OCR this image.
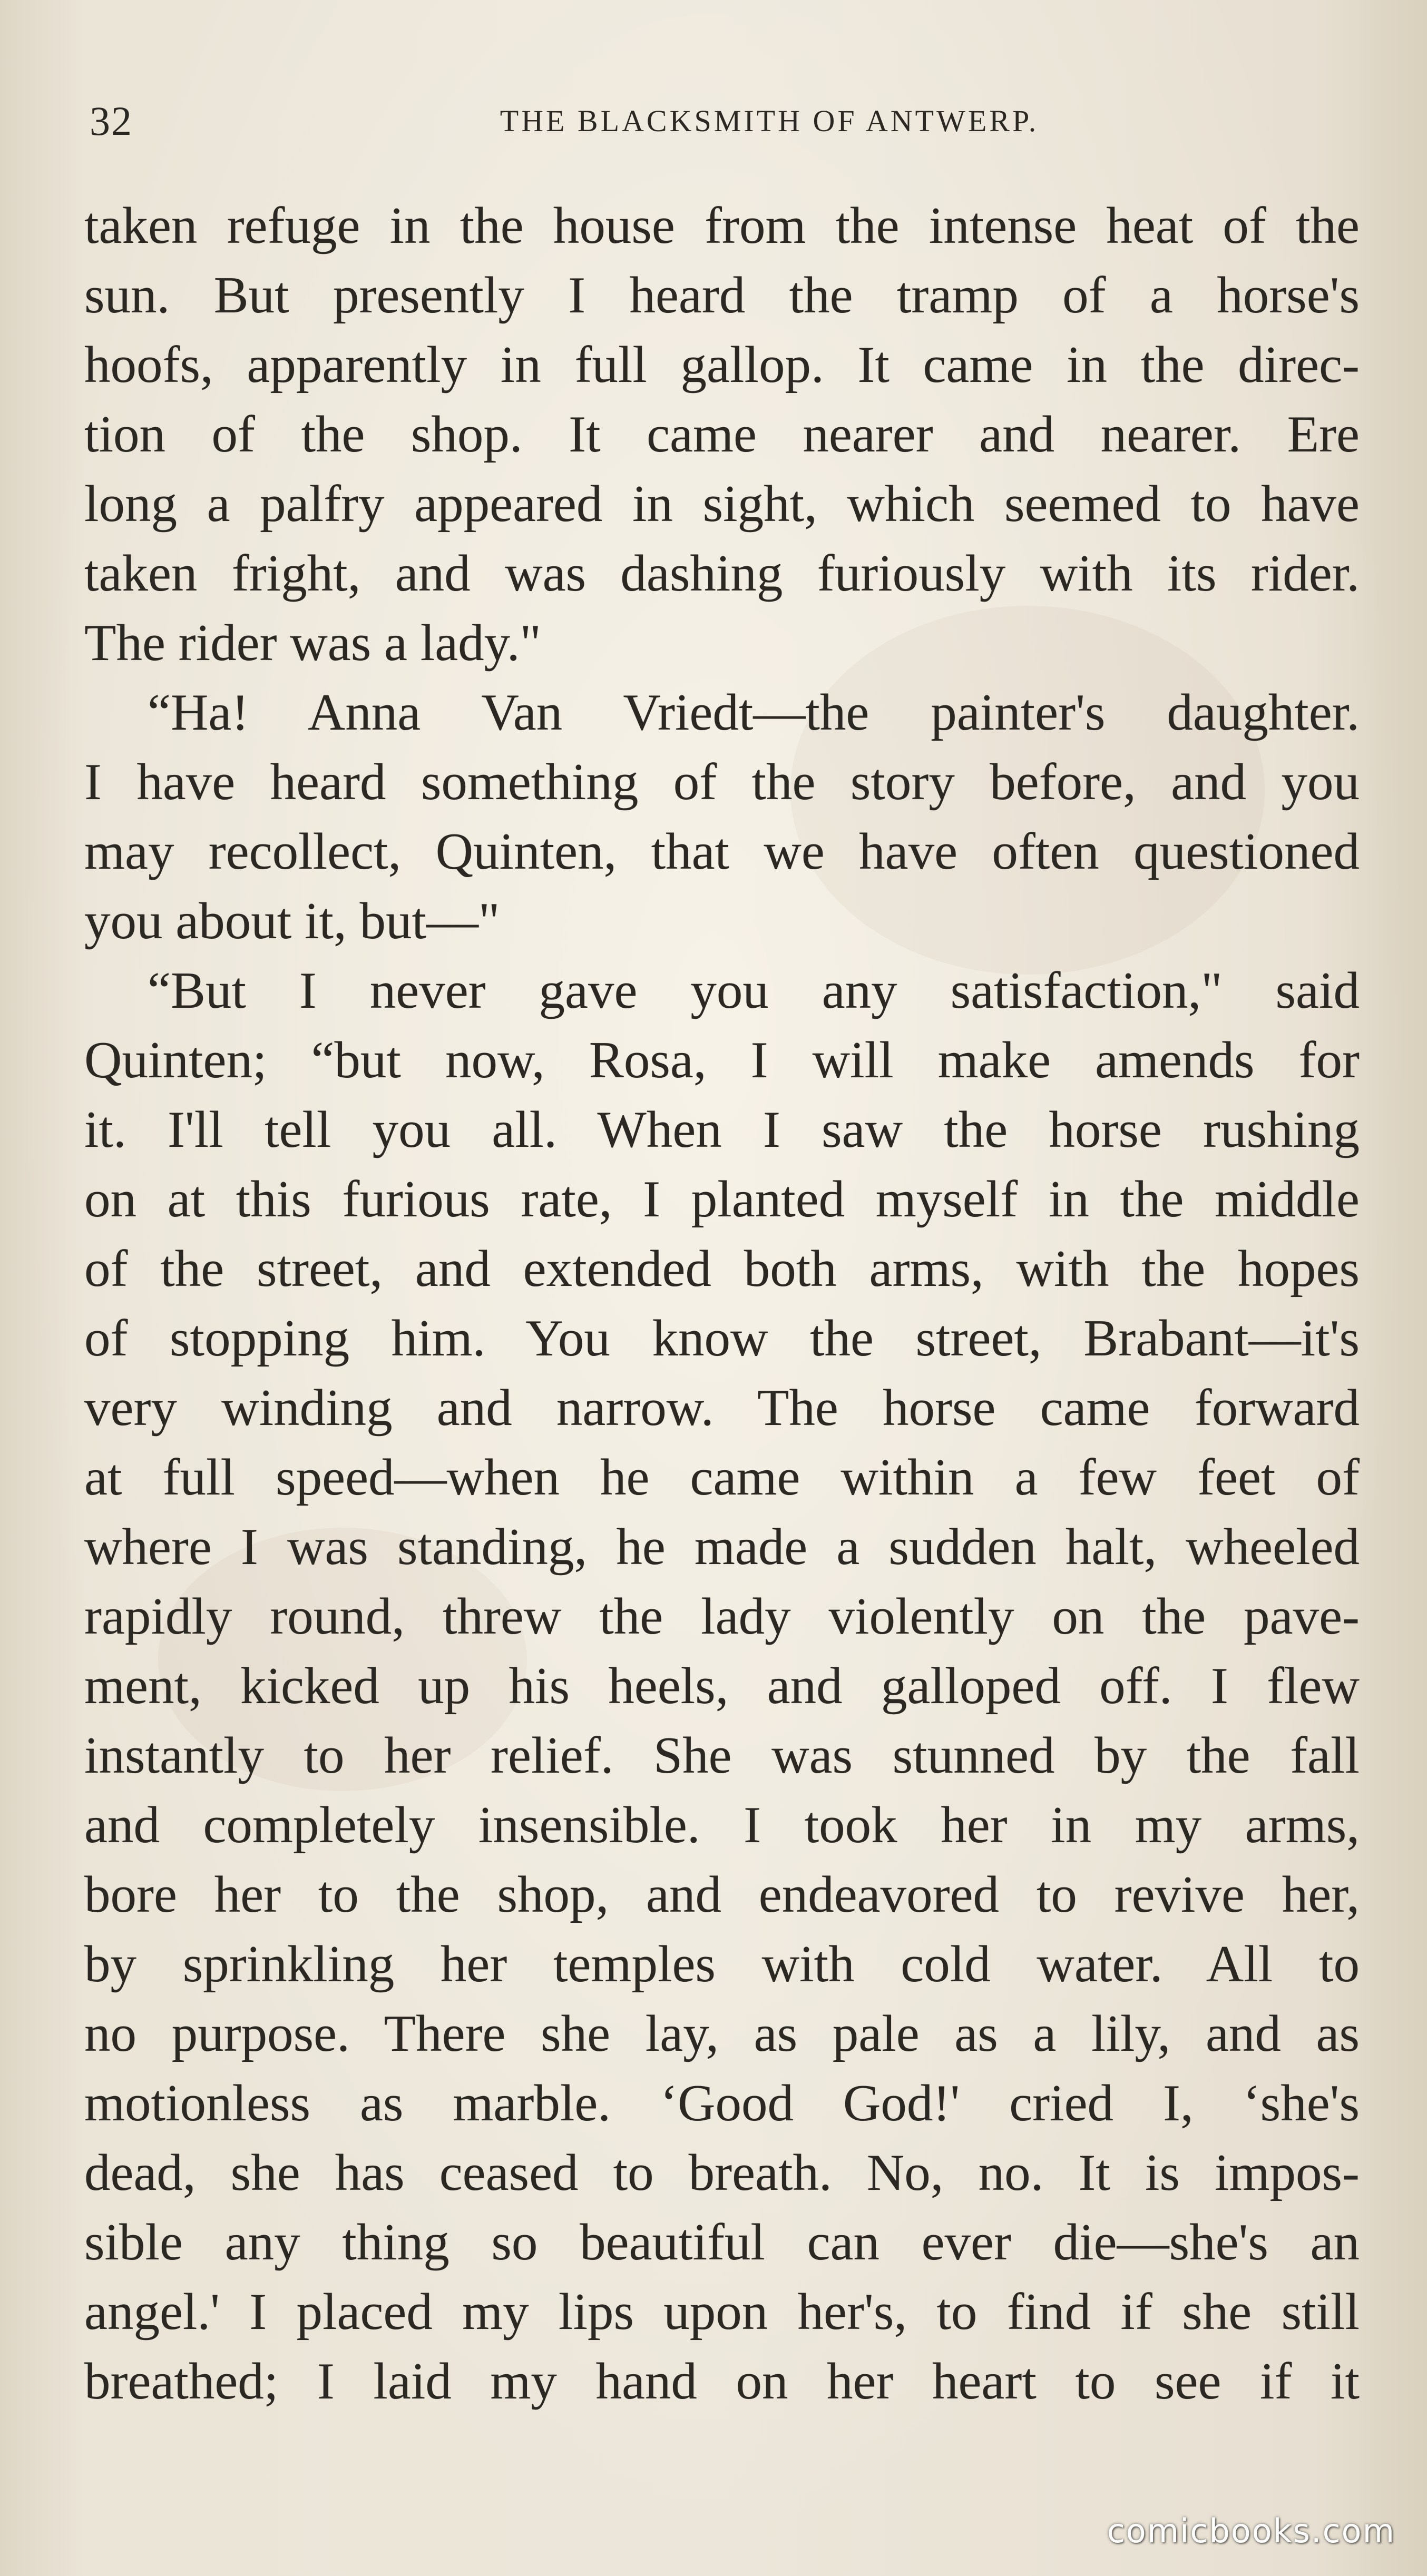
32	THE BLACKSMITH OF ANTWERP.
taken refuge in the house from the intense heat of the
sun. But presently I heard the tramp of a horse's
hoofs, apparently in full gallop. It came in the direc-
tion of the shop. It came nearer and nearer. Ere
long a palfry appeared in sight, which seemed to have
taken fright, and was dashing furiously with its rider.
The rider was a lady."
“Ha! Anna Van Vriedt—the painter's daughter.
I have heard something of the story before, and you
may recollect, Quinten, that we have often questioned
you about it, but—"
“But I never gave you any satisfaction," said
Quinten; “but now, Rosa, I will make amends for
it. I'll tell you all. When I saw the horse rushing
on at this furious rate, I planted myself in the middle
of the street, and extended both arms, with the hopes
of stopping him. You know the street, Brabant—it's
very winding and narrow. The horse came forward
at full speed—when he came within a few feet of
where I was standing, he made a sudden halt, wheeled
rapidly round, threw the lady violently on the pave-
ment, kicked up his heels, and galloped off. I flew
instantly to her relief. She was stunned by the fall
and completely insensible. I took her in my arms,
bore her to the shop, and endeavored to revive her,
by sprinkling her temples with cold water. All to
no purpose. There she lay, as pale as a lily, and as
motionless as marble. ‘Good God!' cried I, ‘she's
dead, she has ceased to breath. No, no. It is impos-
sible any thing so beautiful can ever die—she's an
angel.' I placed my lips upon her's, to find if she still
breathed; I laid my hand on her heart to see if it
comicbooks.com
